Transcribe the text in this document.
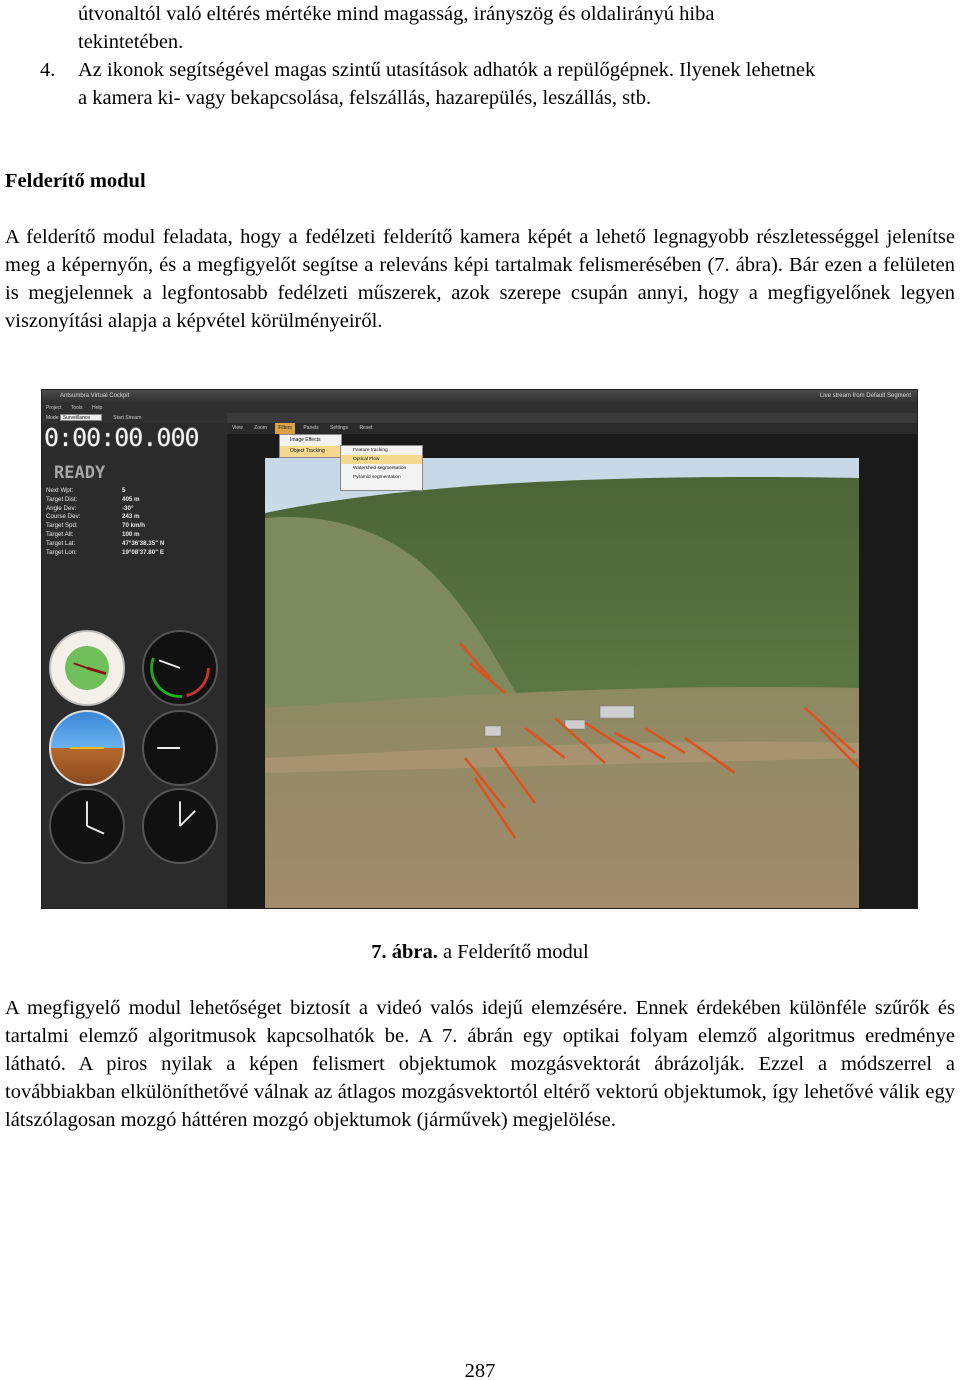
útvonaltól való eltérés mértéke mind magasság, irányszög és oldalirányú hiba
tekintetében.
4. Az ikonok segítségével magas szintű utasítások adhatók a repülőgépnek. Ilyenek lehetnek
a kamera ki- vagy bekapcsolása, felszállás, hazarepülés, leszállás, stb.
Felderítő modul
A felderítő modul feladata, hogy a fedélzeti felderítő kamera képét a lehető legnagyobb részletességgel jelenítse meg a képernyőn, és a megfigyelőt segítse a releváns képi tartalmak felismerésében (7. ábra). Bár ezen a felületen is megjelennek a legfontosabb fedélzeti műszerek, azok szerepe csupán annyi, hogy a megfigyelőnek legyen viszonyítási alapja a képvétel körülményeiről.
Antsumbra Virtual Cockpit	Live stream from Default Segment
Project Tools Help
Mode Surveillance	Start Stream
0:00:00.000
READY
Next Wpt:	5
Target Dist:	405 m
Angle Dev:	-30°
Course Dev:	243 m
Target Spd:	70 km/h
Target Alt:	100 m
Target Lat:	47°36'38.35" N
Target Lon:	19°08'37.80" E
View Zoom Filters Panels Settings Reset
Image Effects
Object Tracking	Feature tracking
Optical Flow
Watershed segmentation
Pyramid segmentation
7. ábra. a Felderítő modul
A megfigyelő modul lehetőséget biztosít a videó valós idejű elemzésére. Ennek érdekében különféle szűrők és tartalmi elemző algoritmusok kapcsolhatók be. A 7. ábrán egy optikai folyam elemző algoritmus eredménye látható. A piros nyilak a képen felismert objektumok mozgásvektorát ábrázolják. Ezzel a módszerrel a továbbiakban elkülöníthetővé válnak az átlagos mozgásvektortól eltérő vektorú objektumok, így lehetővé válik egy látszólagosan mozgó háttéren mozgó objektumok (járművek) megjelölése.
287
